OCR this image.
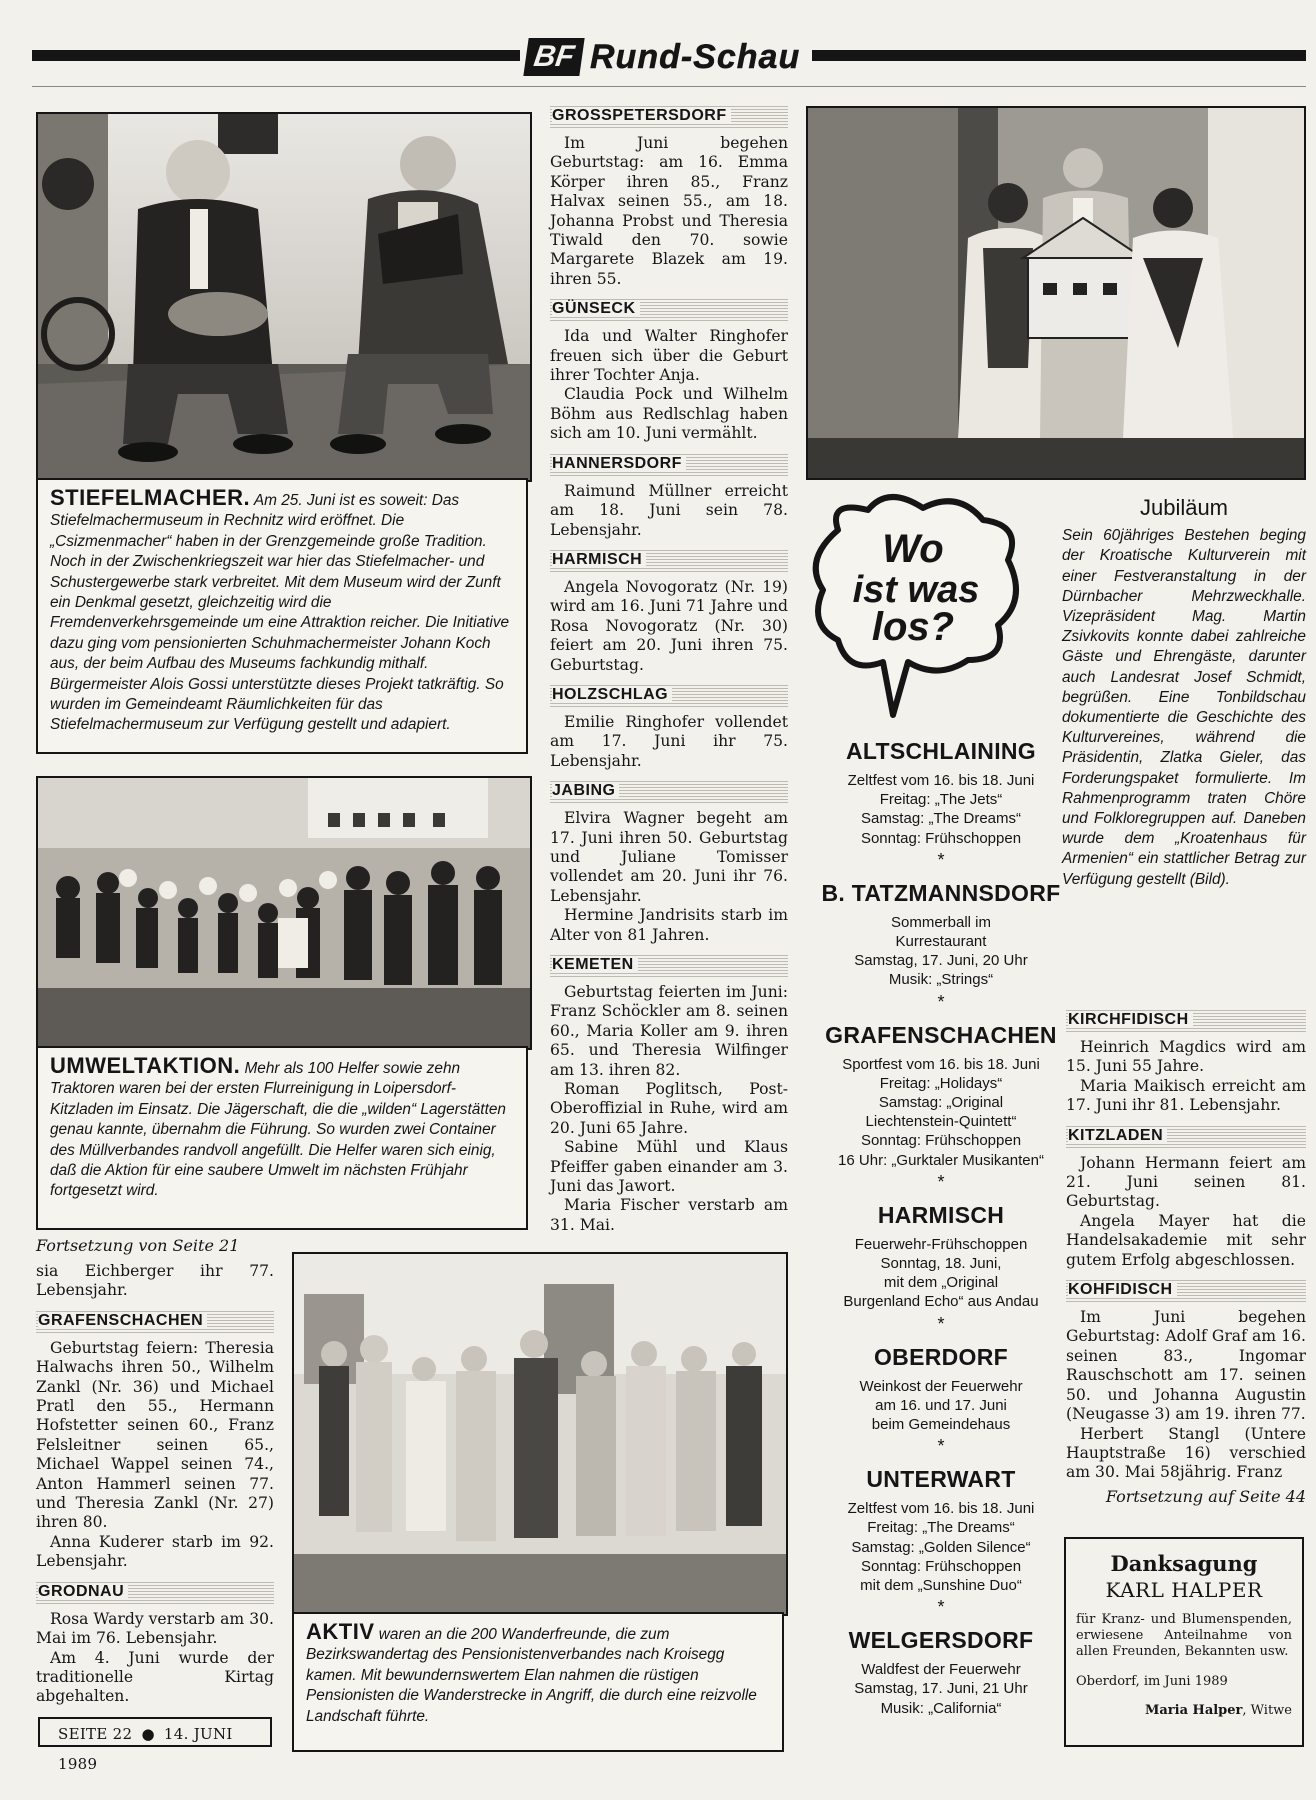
BF Rund-Schau
STIEFELMACHER. Am 25. Juni ist es soweit: Das Stiefelmachermuseum in Rechnitz wird eröffnet. Die „Csizmenmacher“ haben in der Grenzgemeinde große Tradition. Noch in der Zwischenkriegszeit war hier das Stiefelmacher- und Schustergewerbe stark verbreitet. Mit dem Museum wird der Zunft ein Denkmal gesetzt, gleichzeitig wird die Fremdenverkehrsgemeinde um eine Attraktion reicher. Die Initiative dazu ging vom pensionierten Schuhmachermeister Johann Koch aus, der beim Aufbau des Museums fachkundig mithalf. Bürgermeister Alois Gossi unterstützte dieses Projekt tatkräftig. So wurden im Gemeindeamt Räumlichkeiten für das Stiefelmachermuseum zur Verfügung gestellt und adapiert.
UMWELTAKTION. Mehr als 100 Helfer sowie zehn Traktoren waren bei der ersten Flurreinigung in Loipersdorf-Kitzladen im Einsatz. Die Jägerschaft, die die „wilden“ Lagerstätten genau kannte, übernahm die Führung. So wurden zwei Container des Müllverbandes randvoll angefüllt. Die Helfer waren sich einig, daß die Aktion für eine saubere Umwelt im nächsten Frühjahr fortgesetzt wird.
Fortsetzung von Seite 21

sia Eichberger ihr 77. Lebensjahr.

GRAFENSCHACHEN

Geburtstag feiern: Theresia Halwachs ihren 50., Wilhelm Zankl (Nr. 36) und Michael Pratl den 55., Hermann Hofstetter seinen 60., Franz Felsleitner seinen 65., Michael Wappel seinen 74., Anton Hammerl seinen 77. und Theresia Zankl (Nr. 27) ihren 80.

Anna Kuderer starb im 92. Lebensjahr.

GRODNAU

Rosa Wardy verstarb am 30. Mai im 76. Lebensjahr.

Am 4. Juni wurde der traditionelle Kirtag abgehalten.

AKTIV waren an die 200 Wanderfreunde, die zum Bezirkswandertag des Pensionistenverbandes nach Kroisegg kamen. Mit bewundernswertem Elan nahmen die rüstigen Pensionisten die Wanderstrecke in Angriff, die durch eine reizvolle Landschaft führte.
GROSSPETERSDORF

Im Juni begehen Geburtstag: am 16. Emma Körper ihren 85., Franz Halvax seinen 55., am 18. Johanna Probst und Theresia Tiwald den 70. sowie Margarete Blazek am 19. ihren 55.

GÜNSECK

Ida und Walter Ringhofer freuen sich über die Geburt ihrer Tochter Anja.

Claudia Pock und Wilhelm Böhm aus Redlschlag haben sich am 10. Juni vermählt.

HANNERSDORF

Raimund Müllner erreicht am 18. Juni sein 78. Lebensjahr.

HARMISCH

Angela Novogoratz (Nr. 19) wird am 16. Juni 71 Jahre und Rosa Novogoratz (Nr. 30) feiert am 20. Juni ihren 75. Geburtstag.

HOLZSCHLAG

Emilie Ringhofer vollendet am 17. Juni ihr 75. Lebensjahr.

JABING

Elvira Wagner begeht am 17. Juni ihren 50. Geburtstag und Juliane Tomisser vollendet am 20. Juni ihr 76. Lebensjahr.

Hermine Jandrisits starb im Alter von 81 Jahren.

KEMETEN

Geburtstag feierten im Juni: Franz Schöckler am 8. seinen 60., Maria Koller am 9. ihren 65. und Theresia Wilfinger am 13. ihren 82.

Roman Poglitsch, Post-Oberoffizial in Ruhe, wird am 20. Juni 65 Jahre.

Sabine Mühl und Klaus Pfeiffer gaben einander am 3. Juni das Jawort.

Maria Fischer verstarb am 31. Mai.

Wo
ist was
los?
ALTSCHLAINING
Zeltfest vom 16. bis 18. Juni
Freitag: „The Jets“
Samstag: „The Dreams“
Sonntag: Frühschoppen
*
B. TATZMANNSDORF
Sommerball im
Kurrestaurant
Samstag, 17. Juni, 20 Uhr
Musik: „Strings“
*
GRAFENSCHACHEN
Sportfest vom 16. bis 18. Juni
Freitag: „Holidays“
Samstag: „Original
Liechtenstein-Quintett“
Sonntag: Frühschoppen
16 Uhr: „Gurktaler Musikanten“
*
HARMISCH
Feuerwehr-Frühschoppen
Sonntag, 18. Juni,
mit dem „Original
Burgenland Echo“ aus Andau
*
OBERDORF
Weinkost der Feuerwehr
am 16. und 17. Juni
beim Gemeindehaus
*
UNTERWART
Zeltfest vom 16. bis 18. Juni
Freitag: „The Dreams“
Samstag: „Golden Silence“
Sonntag: Frühschoppen
mit dem „Sunshine Duo“
*
WELGERSDORF
Waldfest der Feuerwehr
Samstag, 17. Juni, 21 Uhr
Musik: „California“
Jubiläum
Sein 60jähriges Bestehen beging der Kroatische Kulturverein mit einer Festveranstaltung in der Dürnbacher Mehrzweckhalle. Vizepräsident Mag. Martin Zsivkovits konnte dabei zahlreiche Gäste und Ehrengäste, darunter auch Landesrat Josef Schmidt, begrüßen. Eine Tonbildschau dokumentierte die Geschichte des Kulturvereines, während die Präsidentin, Zlatka Gieler, das Forderungspaket formulierte. Im Rahmenprogramm traten Chöre und Folkloregruppen auf. Daneben wurde dem „Kroatenhaus für Armenien“ ein stattlicher Betrag zur Verfügung gestellt (Bild).
KIRCHFIDISCH

Heinrich Magdics wird am 15. Juni 55 Jahre.

Maria Maikisch erreicht am 17. Juni ihr 81. Lebensjahr.

KITZLADEN

Johann Hermann feiert am 21. Juni seinen 81. Geburtstag.

Angela Mayer hat die Handelsakademie mit sehr gutem Erfolg abgeschlossen.

KOHFIDISCH

Im Juni begehen Geburtstag: Adolf Graf am 16. seinen 83., Ingomar Rauschschott am 17. seinen 50. und Johanna Augustin (Neugasse 3) am 19. ihren 77.

Herbert Stangl (Untere Hauptstraße 16) verschied am 30. Mai 58jährig. Franz

Fortsetzung auf Seite 44
Danksagung
KARL HALPER
für Kranz- und Blumenspenden, erwiesene Anteilnahme von allen Freunden, Bekannten usw.
Oberdorf, im Juni 1989
Maria Halper, Witwe
SEITE 22 ● 14. JUNI 1989
